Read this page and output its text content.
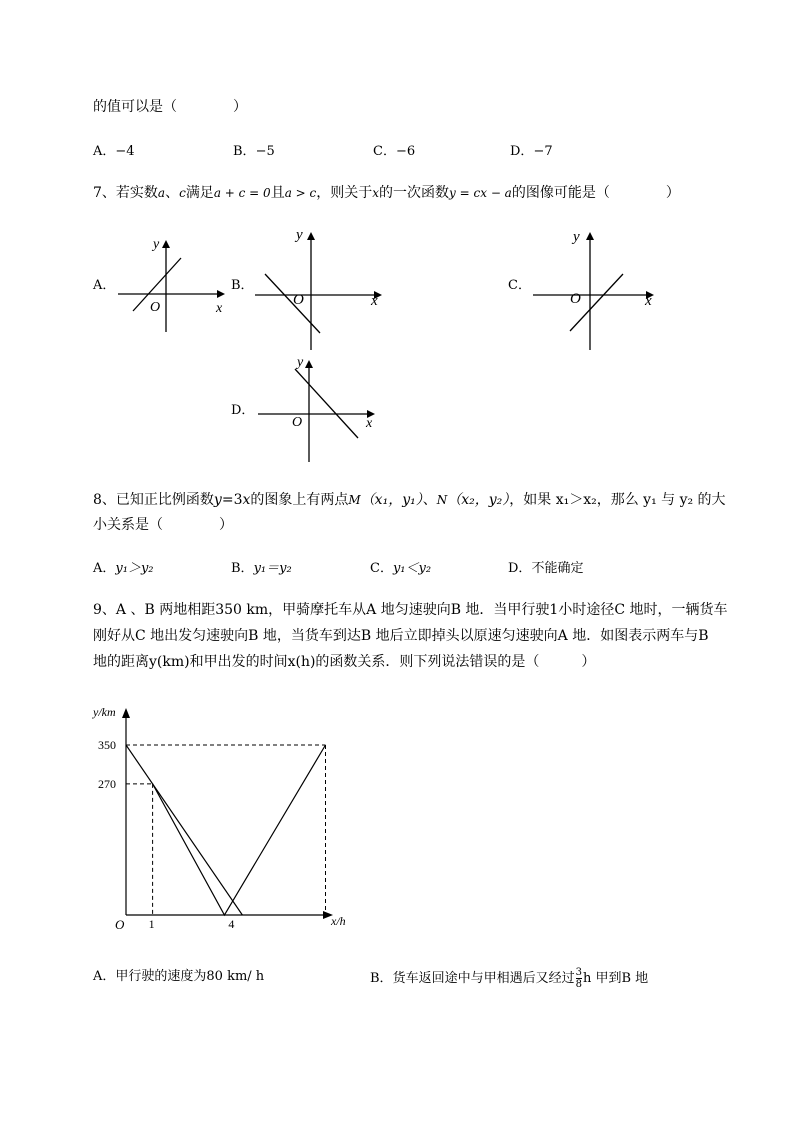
的值可以是（　　　　）
A．−4	B．−5	C．−6	D．−7
7、若实数a、c满足a + c = 0且a > c，则关于x的一次函数y = cx − a的图像可能是（　　　　）
A．	B．	C．
D．
y
x
O
y
x
O
y
x
O
y
x
O
8、已知正比例函数y=3x的图象上有两点M（x₁，y₁）、N（x₂，y₂），如果 x₁＞x₂，那么 y₁ 与 y₂ 的大
小关系是（　　　　）
A．y₁＞y₂	B．y₁＝y₂	C．y₁＜y₂	D．不能确定
9、A 、B 两地相距350 km，甲骑摩托车从A 地匀速驶向B 地．当甲行驶1小时途径C 地时，一辆货车
刚好从C 地出发匀速驶向B 地，当货车到达B 地后立即掉头以原速匀速驶向A 地．如图表示两车与B
地的距离y(km)和甲出发的时间x(h)的函数关系．则下列说法错误的是（　　　）
y/km
x/h
O
270
350
1	4
A．甲行驶的速度为80 km/ h	B．货车返回途中与甲相遇后又经过 $\frac{3}{8}$ h 甲到B 地
